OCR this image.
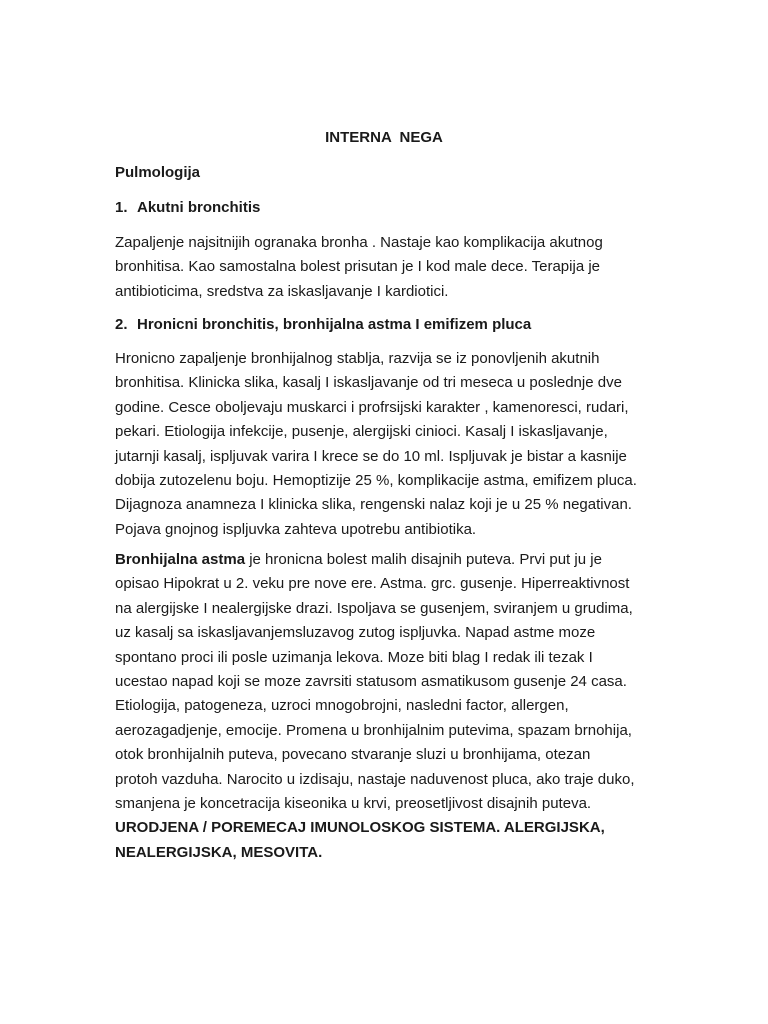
INTERNA  NEGA
Pulmologija
1. Akutni bronchitis
Zapaljenje najsitnijih ogranaka bronha . Nastaje kao komplikacija akutnog
bronhitisa. Kao samostalna bolest prisutan je I kod male dece. Terapija je
antibioticima, sredstva za iskasljavanje I kardiotici.
2. Hronicni bronchitis, bronhijalna astma I emifizem pluca
Hronicno zapaljenje bronhijalnog stablja, razvija se iz ponovljenih akutnih
bronhitisa. Klinicka slika, kasalj I iskasljavanje od tri meseca u poslednje dve
godine. Cesce oboljevaju muskarci i profrsijski karakter , kamenoresci, rudari,
pekari. Etiologija infekcije, pusenje, alergijski cinioci. Kasalj I iskasljavanje,
jutarnji kasalj, ispljuvak varira I krece se do 10 ml. Ispljuvak je bistar a kasnije
dobija zutozelenu boju. Hemoptizije 25 %, komplikacije astma, emifizem pluca.
Dijagnoza anamneza I klinicka slika, rengenski nalaz koji je u 25 % negativan.
Pojava gnojnog ispljuvka zahteva upotrebu antibiotika.
Bronhijalna astma je hronicna bolest malih disajnih puteva. Prvi put ju je
opisao Hipokrat u 2. veku pre nove ere. Astma. grc. gusenje. Hiperreaktivnost
na alergijske I nealergijske drazi. Ispoljava se gusenjem, sviranjem u grudima,
uz kasalj sa iskasljavanjemsluzavog zutog ispljuvka. Napad astme moze
spontano proci ili posle uzimanja lekova. Moze biti blag I redak ili tezak I
ucestao napad koji se moze zavrsiti statusom asmatikusom gusenje 24 casa.
Etiologija, patogeneza, uzroci mnogobrojni, nasledni factor, allergen,
aerozagadjenje, emocije. Promena u bronhijalnim putevima, spazam brnohija,
otok bronhijalnih puteva, povecano stvaranje sluzi u bronhijama, otezan
protoh vazduha. Narocito u izdisaju, nastaje naduvenost pluca, ako traje duko,
smanjena je koncetracija kiseonika u krvi, preosetljivost disajnih puteva.
URODJENA / POREMECAJ IMUNOLOSKOG SISTEMA. ALERGIJSKA,
NEALERGIJSKA, MESOVITA.
